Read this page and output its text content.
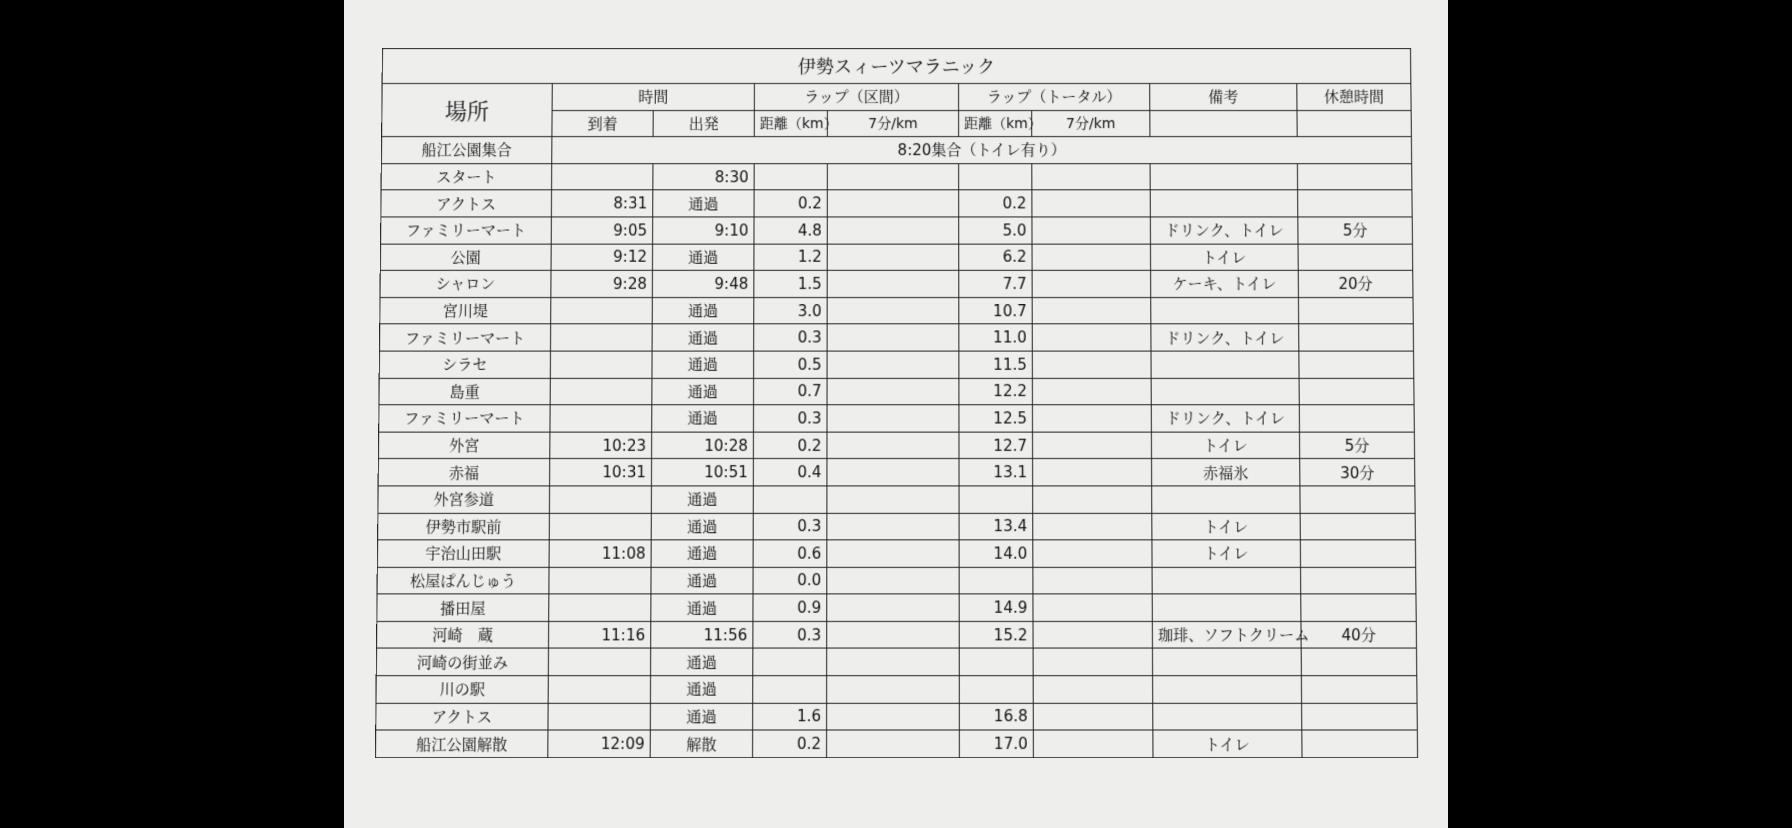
伊勢スィーツマラニック								
場所	時間		ラップ（区間）		ラップ（トータル）		備考	休憩時間
	到着	出発	距離（km）	7分/km	距離（km）	7分/km		
船江公園集合	8:20集合（トイレ有り）							
スタート		8:30						
アクトス	8:31	通過	0.2		0.2			
ファミリーマート	9:05	9:10	4.8		5.0		ドリンク、トイレ	5分
公園	9:12	通過	1.2		6.2		トイレ	
シャロン	9:28	9:48	1.5		7.7		ケーキ、トイレ	20分
宮川堤		通過	3.0		10.7			
ファミリーマート		通過	0.3		11.0		ドリンク、トイレ	
シラセ		通過	0.5		11.5			
島重		通過	0.7		12.2			
ファミリーマート		通過	0.3		12.5		ドリンク、トイレ	
外宮	10:23	10:28	0.2		12.7		トイレ	5分
赤福	10:31	10:51	0.4		13.1		赤福氷	30分
外宮参道		通過						
伊勢市駅前		通過	0.3		13.4		トイレ	
宇治山田駅	11:08	通過	0.6		14.0		トイレ	
松屋ぱんじゅう		通過	0.0					
播田屋		通過	0.9		14.9			
河崎　蔵	11:16	11:56	0.3		15.2		珈琲、ソフトクリーム	40分
河崎の街並み		通過						
川の駅		通過						
アクトス		通過	1.6		16.8			
船江公園解散	12:09	解散	0.2		17.0		トイレ	
